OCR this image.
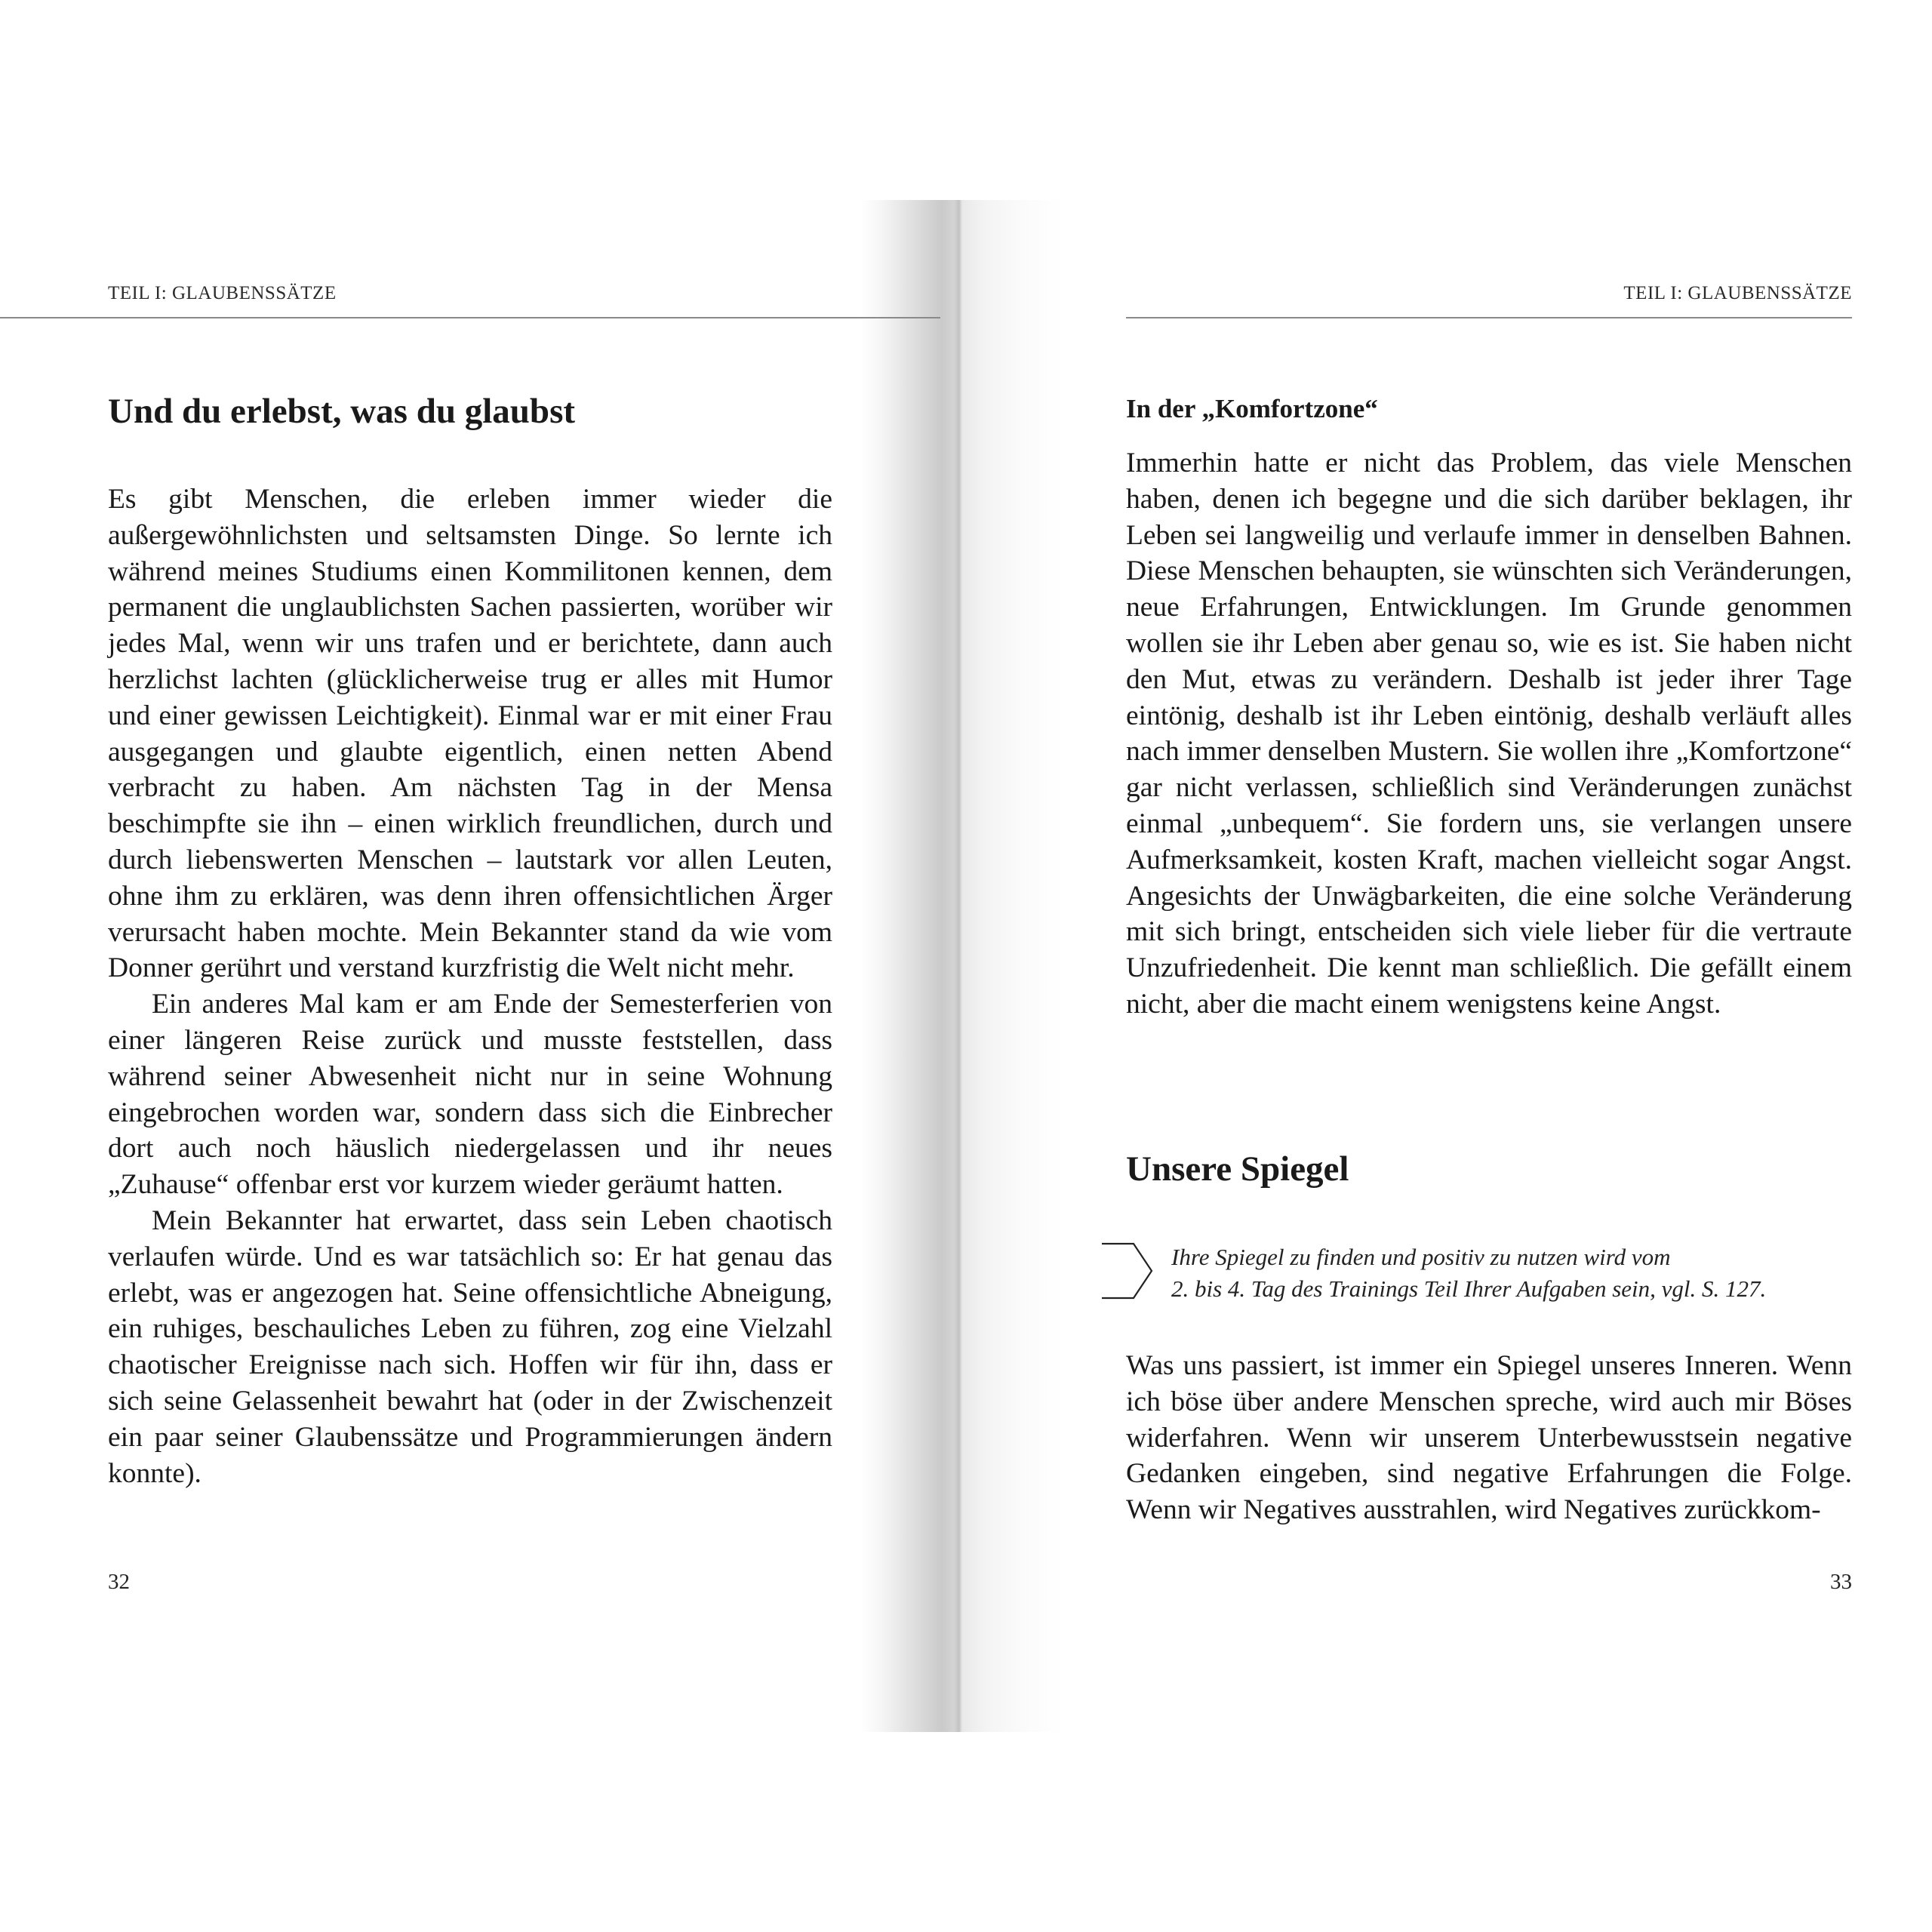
TEIL I: GLAUBENSSÄTZE
Und du erlebst, was du glaubst

Es gibt Menschen, die erleben immer wieder die außergewöhnlichsten und seltsamsten Dinge. So lernte ich während meines Studiums einen Kommilitonen kennen, dem permanent die unglaublichsten Sachen passierten, worüber wir jedes Mal, wenn wir uns trafen und er berichtete, dann auch herzlichst lachten (glücklicherweise trug er alles mit Humor und einer gewissen Leichtigkeit). Einmal war er mit einer Frau ausgegangen und glaubte eigentlich, einen netten Abend verbracht zu haben. Am nächsten Tag in der Mensa beschimpfte sie ihn – einen wirklich freundlichen, durch und durch liebenswerten Menschen – lautstark vor allen Leuten, ohne ihm zu erklären, was denn ihren offensichtlichen Ärger verursacht haben mochte. Mein Bekannter stand da wie vom Donner gerührt und verstand kurzfristig die Welt nicht mehr.

Ein anderes Mal kam er am Ende der Semesterferien von einer längeren Reise zurück und musste feststellen, dass während seiner Abwesenheit nicht nur in seine Wohnung eingebrochen worden war, sondern dass sich die Einbrecher dort auch noch häuslich niedergelassen und ihr neues „Zuhause“ offenbar erst vor kurzem wieder geräumt hatten.

Mein Bekannter hat erwartet, dass sein Leben chaotisch verlaufen würde. Und es war tatsächlich so: Er hat genau das erlebt, was er angezogen hat. Seine offensichtliche Abneigung, ein ruhiges, beschauliches Leben zu führen, zog eine Vielzahl chaotischer Ereignisse nach sich. Hoffen wir für ihn, dass er sich seine Gelassenheit bewahrt hat (oder in der Zwischenzeit ein paar seiner Glaubenssätze und Programmierungen ändern konnte).

32
TEIL I: GLAUBENSSÄTZE
In der „Komfortzone“

Immerhin hatte er nicht das Problem, das viele Menschen haben, denen ich begegne und die sich darüber beklagen, ihr Leben sei langweilig und verlaufe immer in denselben Bahnen. Diese Menschen behaupten, sie wünschten sich Veränderungen, neue Erfahrungen, Entwicklungen. Im Grunde genommen wollen sie ihr Leben aber genau so, wie es ist. Sie haben nicht den Mut, etwas zu verändern. Deshalb ist jeder ihrer Tage eintönig, deshalb ist ihr Leben eintönig, deshalb verläuft alles nach immer denselben Mustern. Sie wollen ihre „Komfortzone“ gar nicht verlassen, schließlich sind Veränderungen zunächst einmal „unbequem“. Sie fordern uns, sie verlangen unsere Aufmerksamkeit, kosten Kraft, machen vielleicht sogar Angst. Angesichts der Unwägbarkeiten, die eine solche Veränderung mit sich bringt, entscheiden sich viele lieber für die vertraute Unzufriedenheit. Die kennt man schließlich. Die gefällt einem nicht, aber die macht einem wenigstens keine Angst.

Unsere Spiegel
Ihre Spiegel zu finden und positiv zu nutzen wird vom
2. bis 4. Tag des Trainings Teil Ihrer Aufgaben sein, vgl. S. 127.

Was uns passiert, ist immer ein Spiegel unseres Inneren. Wenn ich böse über andere Menschen spreche, wird auch mir Böses widerfahren. Wenn wir unserem Unterbewusstsein negative Gedanken eingeben, sind negative Erfahrungen die Folge. Wenn wir Negatives ausstrahlen, wird Negatives zurückkom-

33
